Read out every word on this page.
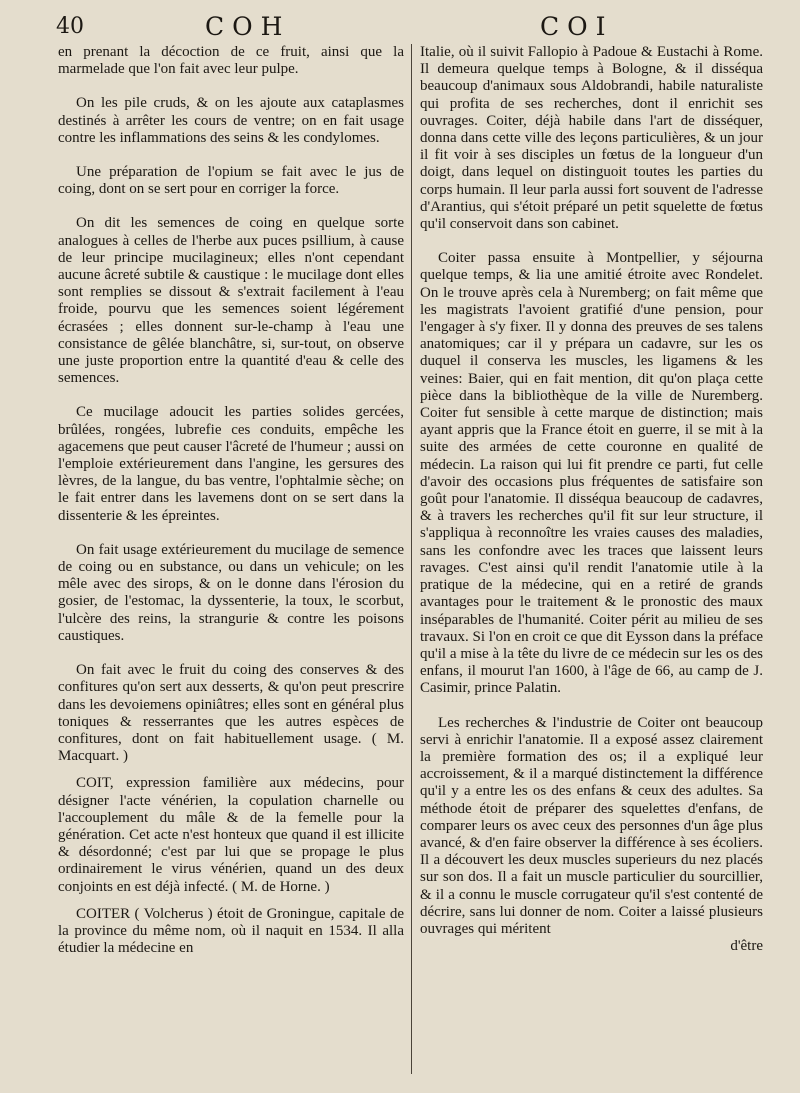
40	COH	COI

en prenant la décoction de ce fruit, ainsi que la marmelade que l'on fait avec leur pulpe.

On les pile cruds, & on les ajoute aux cataplasmes destinés à arrêter les cours de ventre; on en fait usage contre les inflammations des seins & les condylomes.

Une préparation de l'opium se fait avec le jus de coing, dont on se sert pour en corriger la force.

On dit les semences de coing en quelque sorte analogues à celles de l'herbe aux puces psillium, à cause de leur principe mucilagineux; elles n'ont cependant aucune âcreté subtile & caustique : le mucilage dont elles sont remplies se dissout & s'extrait facilement à l'eau froide, pourvu que les semences soient légérement écrasées ; elles donnent sur-le-champ à l'eau une consistance de gêlée blanchâtre, si, sur-tout, on observe une juste proportion entre la quantité d'eau & celle des semences.

Ce mucilage adoucit les parties solides gercées, brûlées, rongées, lubrefie ces conduits, empêche les agacemens que peut causer l'âcreté de l'humeur ; aussi on l'emploie extérieurement dans l'angine, les gersures des lèvres, de la langue, du bas ventre, l'ophtalmie sèche; on le fait entrer dans les lavemens dont on se sert dans la dissenterie & les épreintes.

On fait usage extérieurement du mucilage de semence de coing ou en substance, ou dans un vehicule; on les mêle avec des sirops, & on le donne dans l'érosion du gosier, de l'estomac, la dyssenterie, la toux, le scorbut, l'ulcère des reins, la strangurie & contre les poisons caustiques.

On fait avec le fruit du coing des conserves & des confitures qu'on sert aux desserts, & qu'on peut prescrire dans les devoiemens opiniâtres; elles sont en général plus toniques & resserrantes que les autres espèces de confitures, dont on fait habituellement usage. ( M. Macquart. )

COIT, expression familière aux médecins, pour désigner l'acte vénérien, la copulation charnelle ou l'accouplement du mâle & de la femelle pour la génération. Cet acte n'est honteux que quand il est illicite & désordonné; c'est par lui que se propage le plus ordinairement le virus vénérien, quand un des deux conjoints en est déjà infecté. ( M. de Horne. )

COITER ( Volcherus ) étoit de Groningue, capitale de la province du même nom, où il naquit en 1534. Il alla étudier la médecine en

Italie, où il suivit Fallopio à Padoue & Eustachi à Rome. Il demeura quelque temps à Bologne, & il disséqua beaucoup d'animaux sous Aldobrandi, habile naturaliste qui profita de ses recherches, dont il enrichit ses ouvrages. Coiter, déjà habile dans l'art de disséquer, donna dans cette ville des leçons particulières, & un jour il fit voir à ses disciples un fœtus de la longueur d'un doigt, dans lequel on distinguoit toutes les parties du corps humain. Il leur parla aussi fort souvent de l'adresse d'Arantius, qui s'étoit préparé un petit squelette de fœtus qu'il conservoit dans son cabinet.

Coiter passa ensuite à Montpellier, y séjourna quelque temps, & lia une amitié étroite avec Rondelet. On le trouve après cela à Nuremberg; on fait même que les magistrats l'avoient gratifié d'une pension, pour l'engager à s'y fixer. Il y donna des preuves de ses talens anatomiques; car il y prépara un cadavre, sur les os duquel il conserva les muscles, les ligamens & les veines: Baier, qui en fait mention, dit qu'on plaça cette pièce dans la bibliothèque de la ville de Nuremberg. Coiter fut sensible à cette marque de distinction; mais ayant appris que la France étoit en guerre, il se mit à la suite des armées de cette couronne en qualité de médecin. La raison qui lui fit prendre ce parti, fut celle d'avoir des occasions plus fréquentes de satisfaire son goût pour l'anatomie. Il disséqua beaucoup de cadavres, & à travers les recherches qu'il fit sur leur structure, il s'appliqua à reconnoître les vraies causes des maladies, sans les confondre avec les traces que laissent leurs ravages. C'est ainsi qu'il rendit l'anatomie utile à la pratique de la médecine, qui en a retiré de grands avantages pour le traitement & le pronostic des maux inséparables de l'humanité. Coiter périt au milieu de ses travaux. Si l'on en croit ce que dit Eysson dans la préface qu'il a mise à la tête du livre de ce médecin sur les os des enfans, il mourut l'an 1600, à l'âge de 66, au camp de J. Casimir, prince Palatin.

Les recherches & l'industrie de Coiter ont beaucoup servi à enrichir l'anatomie. Il a exposé assez clairement la première formation des os; il a expliqué leur accroissement, & il a marqué distinctement la différence qu'il y a entre les os des enfans & ceux des adultes. Sa méthode étoit de préparer des squelettes d'enfans, de comparer leurs os avec ceux des personnes d'un âge plus avancé, & d'en faire observer la différence à ses écoliers. Il a découvert les deux muscles superieurs du nez placés sur son dos. Il a fait un muscle particulier du sourcillier, & il a connu le muscle corrugateur qu'il s'est contenté de décrire, sans lui donner de nom. Coiter a laissé plusieurs ouvrages qui méritent

d'être
